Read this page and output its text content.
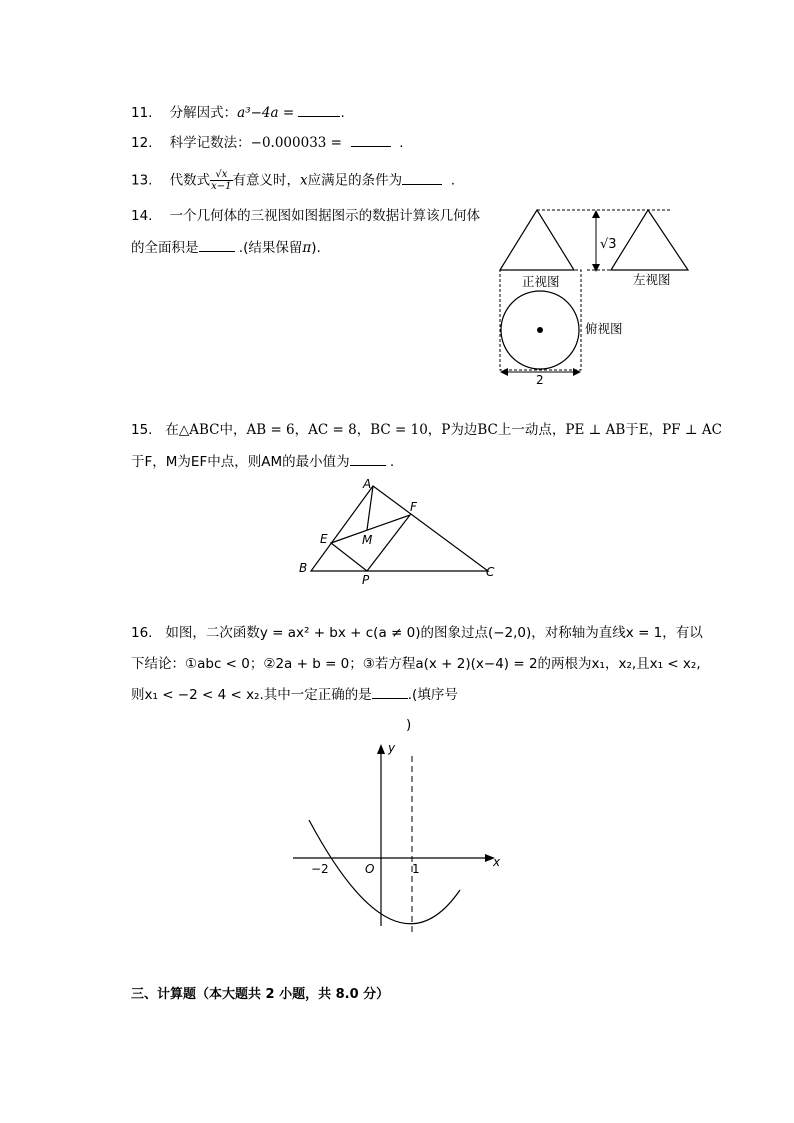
11. 分解因式：a³−4a =	.
12. 科学记数法：−0.000033 =	.
13. 代数式 $\frac{√x}{x-1}$ 有意义时，x应满足的条件为	.
14. 一个几何体的三视图如图据图示的数据计算该几何体
的全面积是	.(结果保留π).	√3
正视图	左视图
俯视图
2
15. 在△ABC中，AB = 6，AC = 8，BC = 10，P为边BC上一动点，PE ⊥ AB于E，PF ⊥ AC
于F，M为EF中点，则AM的最小值为	.
A
B	C
E
F
M
P
16. 如图，二次函数y = ax² + bx + c(a ≠ 0)的图象过点(−2,0)，对称轴为直线x = 1，有以
下结论：①abc < 0；②2a + b = 0；③若方程a(x + 2)(x−4) = 2的两根为x₁，x₂,且x₁ < x₂,
则x₁ < −2 < 4 < x₂.其中一定正确的是	.(填序号
)
y
x
O
−2	1
三、计算题（本大题共 2 小题，共 8.0 分）
